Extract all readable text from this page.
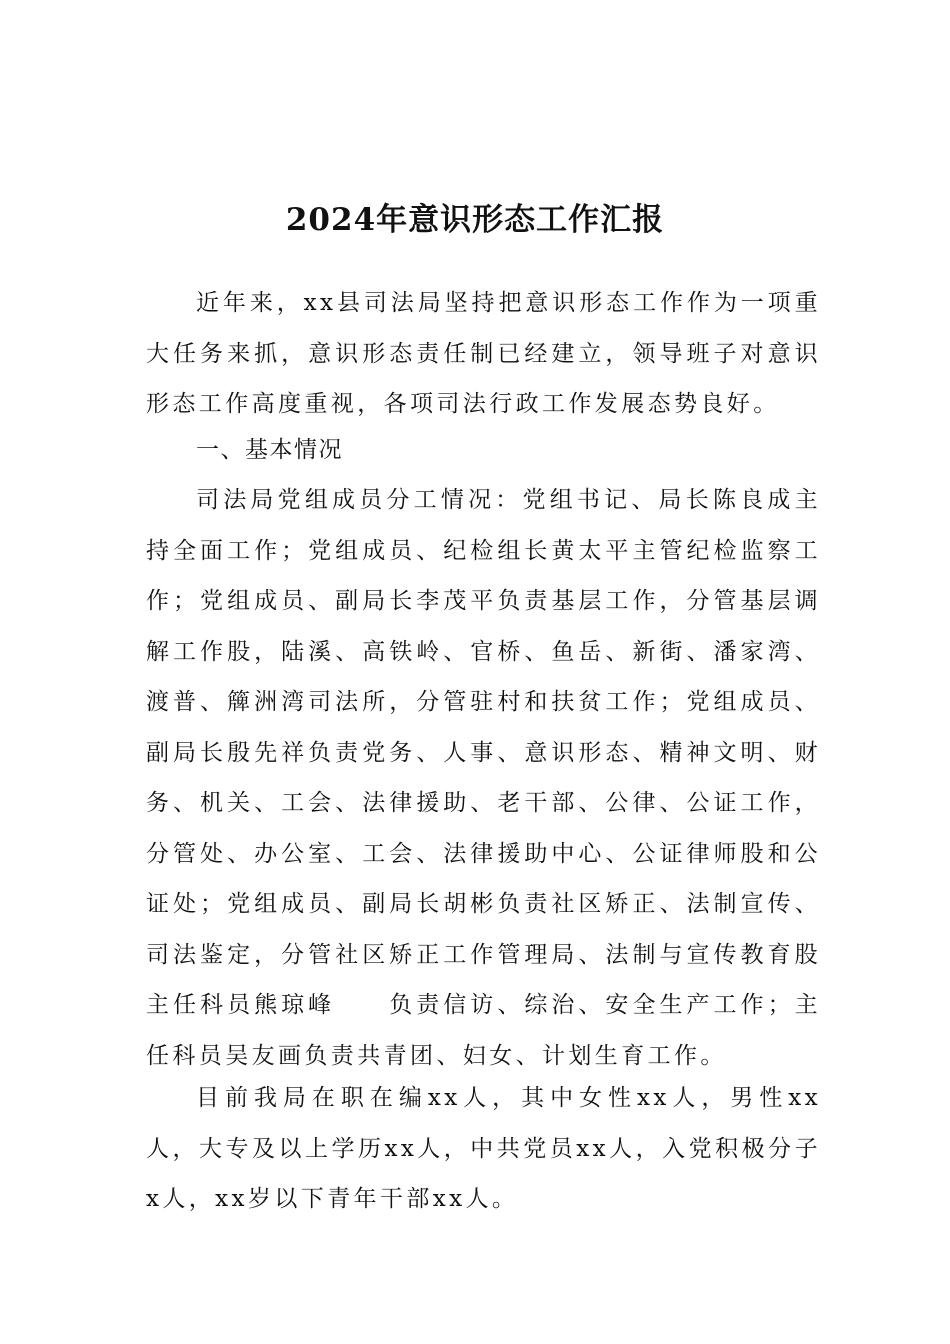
2024年意识形态工作汇报

近年来，xx县司法局坚持把意识形态工作作为一项重大任务来抓，意识形态责任制已经建立，领导班子对意识形态工作高度重视，各项司法行政工作发展态势良好。

一、基本情况

司法局党组成员分工情况：党组书记、局长陈良成主持全面工作；党组成员、纪检组长黄太平主管纪检监察工作；党组成员、副局长李茂平负责基层工作，分管基层调解工作股，陆溪、高铁岭、官桥、鱼岳、新街、潘家湾、渡普、簰洲湾司法所，分管驻村和扶贫工作；党组成员、副局长殷先祥负责党务、人事、意识形态、精神文明、财务、机关、工会、法律援助、老干部、公律、公证工作，分管处、办公室、工会、法律援助中心、公证律师股和公证处；党组成员、副局长胡彬负责社区矫正、法制宣传、司法鉴定，分管社区矫正工作管理局、法制与宣传教育股主任科员熊琼峰　　负责信访、综治、安全生产工作；主任科员吴友画负责共青团、妇女、计划生育工作。

目前我局在职在编xx人，其中女性xx人，男性xx人，大专及以上学历xx人，中共党员xx人，入党积极分子x人，xx岁以下青年干部xx人。
